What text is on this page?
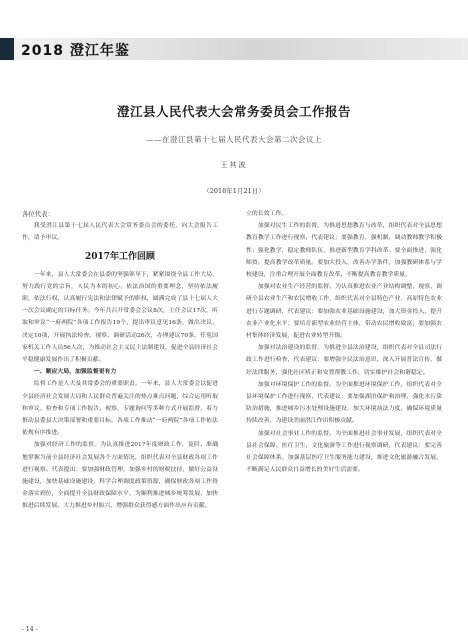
2018 澄江年鉴
澄江县人民代表大会常务委员会工作报告
——在澄江县第十七届人民代表大会第二次会议上
王其波
（2018年1月21日）

各位代表：

我受澄江县第十七届人民代表大会常务委员会的委托，向大会报告工作，请予审议。

2017年工作回顾

一年来，县人大常委会在县委的坚强领导下，紧紧围绕全县工作大局，努力践行党的宗旨，人民为本的初心，依法治国的重要理念，坚持依法履职，依法行权，认真履行宪法和法律赋予的职权，圆满完成了县十七届人大一次会议确定的目标任务。今年共召开常委会会议8次，主任会议17次，听取和审议“一府两院”各项工作报告19个，提出审议意见16条，做出决议、决定10项，开展执法检查、视察、调研活动26次，办理建议70条，任免国家机关工作人员56人次，为推动社会主义民主法制建设，促进全县经济社会平稳健康发展作出了积极贡献。

一、顺应大局，加强监督更有力

监督工作是人大及其常委会的重要职责。一年来，县人大常委会以促进全县经济社会发展大局和人民群众普遍关注的热点难点问题，综合运用听取和审议、检查和专项工作报告、视察、专题询问等多种方式开展监督，着力推动县委县大决策部署和重要目标，各项工作推动“一府两院”各项工作依法依规有序推进。

加强对经济工作的监督。为认真推进2017年度财政工作，及时、准确地掌握当前全县经济社会发展各个方面情况，组织代表对全县财政各项工作进行视察。代表提出：要加强财政管理，加强乡村的财税扶持，做好公益设施建设，加快基础设施建设，科学合理调度政策资源，确保财政各项工作资金落实到位，全面提升全县财政保障水平，为顺利推进城乡统筹发展，加快推进后续发展，大力推进乡村振兴、增强群众获得感方面作出应有贡献。

立的长效工作。

加强对民生工作的监督。为推进思想教育与改革，组织代表对全县思想教育教学工作进行视察，代表建议：要强教育，强机制，调动教师教学积极性；强化教学，稳定教师队伍，推进新型教育学科改革。要全面推进，强化师资，提高教学改革质量。要加大投入，改善办学条件，加强教研体系与学校建设，注重合理开展全面教育改革，不断提高教育教学质量。

加强对农业生产经营的监督。为认真推进农业产业结构调整，视察、调研全县农业生产和农民增收工作，组织代表对全县特色产业、高原特色农业进行专题调研，代表建议：要加强农业基础设施建设，加大资金投入，提升农业产业化水平；要培育新型农业经营主体，带动农民增收致富；要加强农村集体经济发展，促进农业转型升级。

加强对法治建设的监督。为推进全县法治建设，组织代表对全县司法行政工作进行检查，代表建议：要增强全民法治意识，深入开展普法宣传，做好法律服务，强化社区矫正和安置帮教工作，切实维护社会和谐稳定。

加强对环境保护工作的监督。为全面推进环境保护工作，组织代表对全县环境保护工作进行视察，代表建议：要加强湖泊保护和治理，强化水污染防治措施，推进城乡污水处理设施建设，加大环境执法力度，确保环境质量持续改善，为建设美丽澄江作出积极贡献。

加强对社会事业工作的监督。为全面推进社会事业发展，组织代表对全县社会保障、医疗卫生、文化旅游等工作进行视察调研，代表建议：要完善社会保障体系，加强基层医疗卫生服务能力建设，推进文化旅游融合发展，不断满足人民群众日益增长的美好生活需要。

- 14 -
